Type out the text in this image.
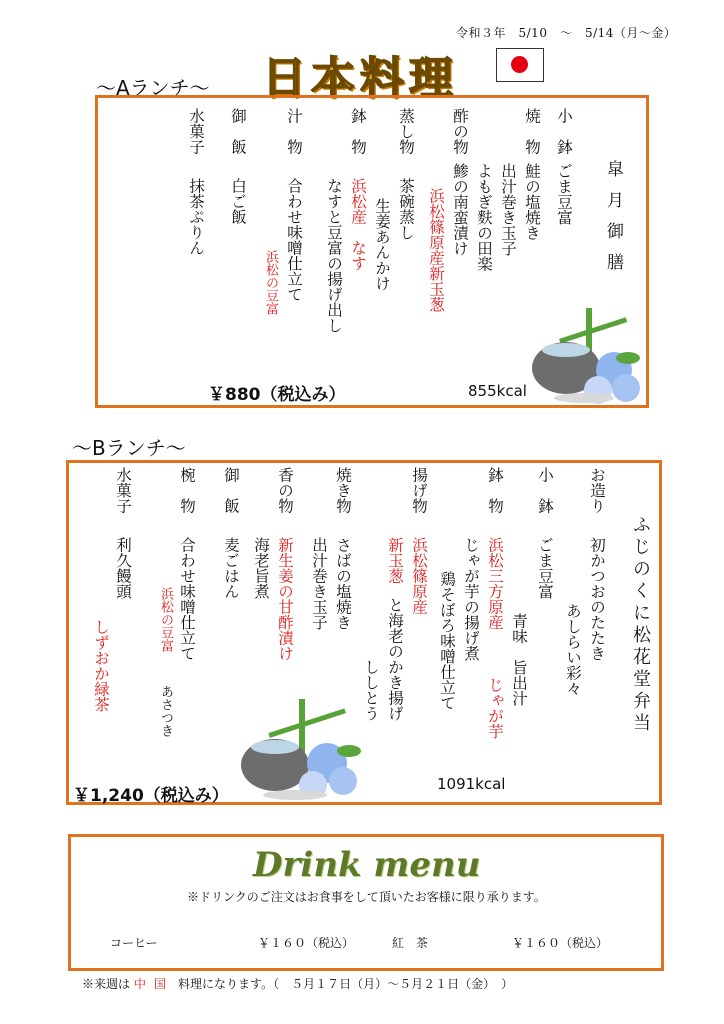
令和３年　5/10　～　5/14（月～金）
日本料理
～Aランチ～
皐月御膳
小　鉢
ごま豆富
焼　物
鮭の塩焼き
出汁巻き玉子
よもぎ麩の田楽
酢の物
鯵の南蛮漬け
浜松篠原産新玉葱
蒸し物
茶碗蒸し
生姜あんかけ
鉢　物
浜松産　なす
なすと豆富の揚げ出し
汁　物
合わせ味噌仕立て
浜松の豆富
御　飯
白ご飯
水菓子
抹茶ぷりん
￥880（税込み）	855kcal
～Bランチ～
ふじのくに松花堂弁当
お造り
初かつおのたたき
あしらい彩々
小　鉢
ごま豆富
青味　旨出汁
鉢　物
浜松三方原産
じゃが芋
じゃが芋の揚げ煮
鶏そぼろ味噌仕立て
揚げ物
浜松篠原産
新玉葱
と海老のかき揚げ
ししとう
焼き物
さばの塩焼き
出汁巻き玉子
香の物
新生姜の甘酢漬け
海老旨煮
御　飯
麦ごはん
椀　物
合わせ味噌仕立て
浜松の豆富
あさつき
水菓子
利久饅頭
しずおか緑茶
￥1,240（税込み）
1091kcal
Drink menu
※ドリンクのご注文はお食事をして頂いたお客様に限り承ります。
コーヒー	￥１６０（税込）	紅　茶	￥１６０（税込）
※来週は 中国 料理になります。（　５月１７日（月）～５月２１日（金）　）
